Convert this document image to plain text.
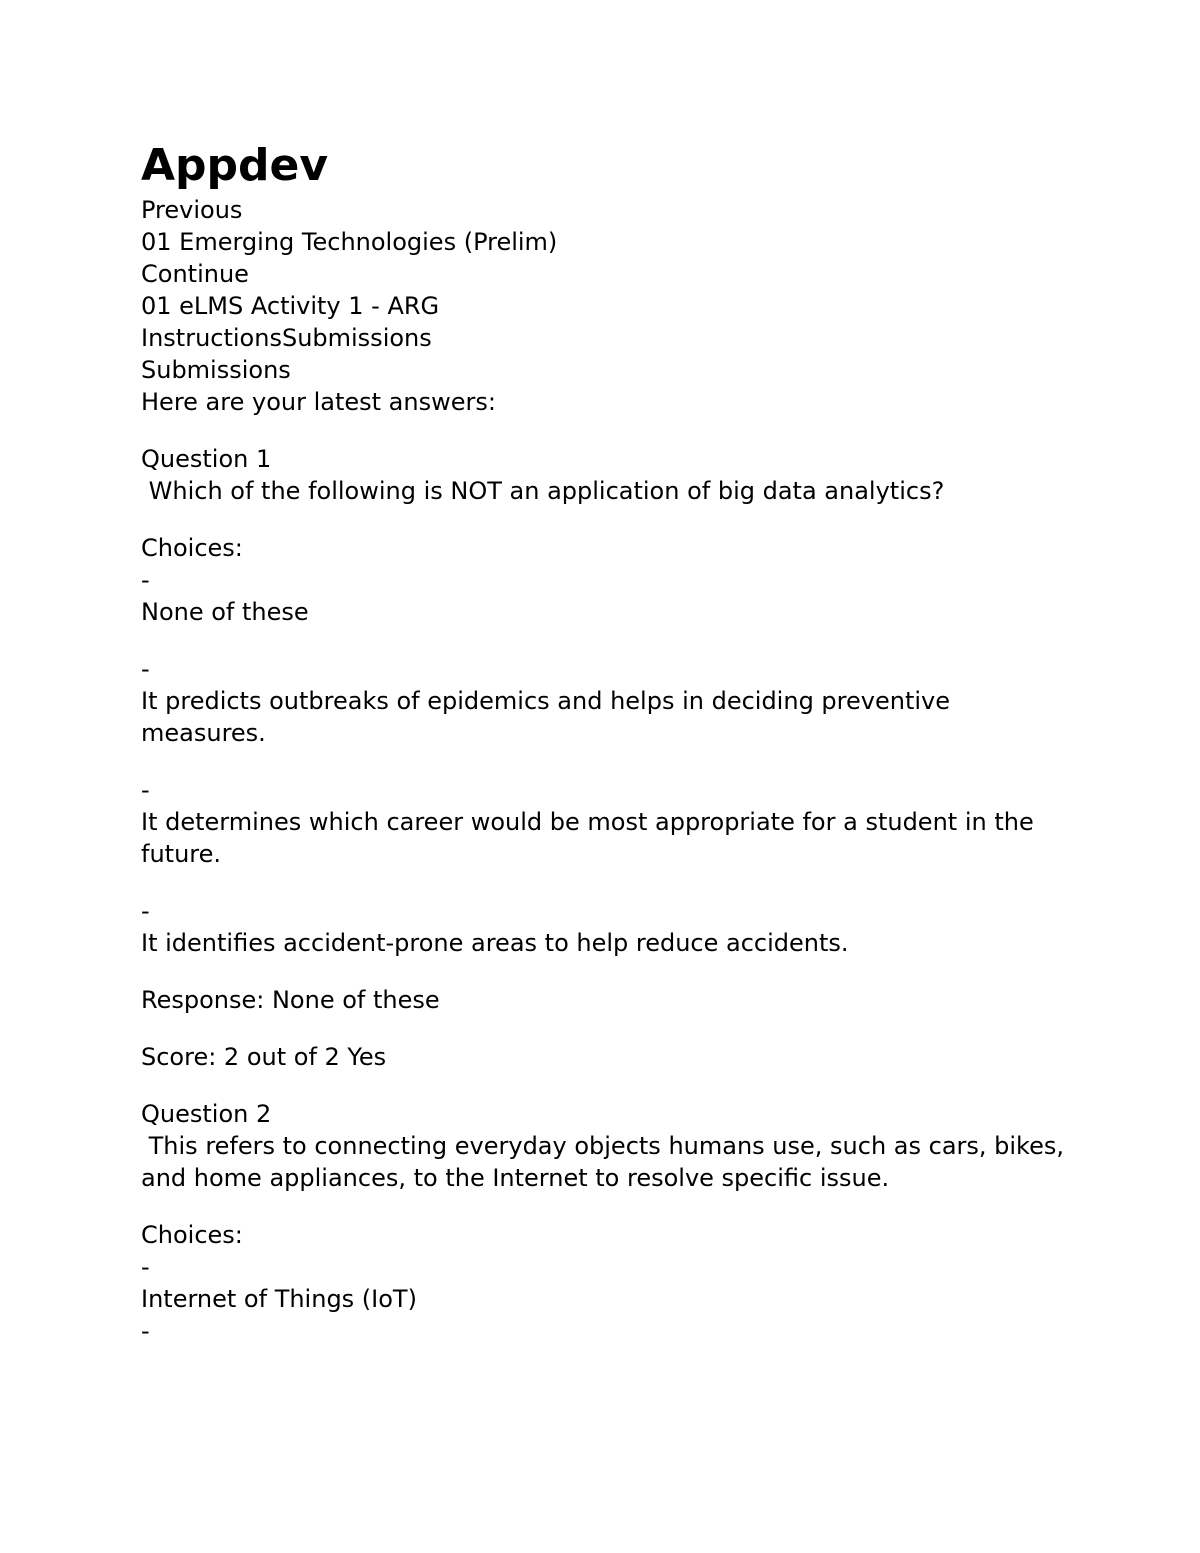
Appdev
Previous
01 Emerging Technologies (Prelim)
Continue
01 eLMS Activity 1 - ARG
InstructionsSubmissions
Submissions
Here are your latest answers:
Question 1
Which of the following is NOT an application of big data analytics?
Choices:
-
None of these
-
It predicts outbreaks of epidemics and helps in deciding preventive measures.
-
It determines which career would be most appropriate for a student in the future.
-
It identifies accident-prone areas to help reduce accidents.
Response: None of these
Score: 2 out of 2 Yes
Question 2
This refers to connecting everyday objects humans use, such as cars, bikes, and home appliances, to the Internet to resolve specific issue.
Choices:
-
Internet of Things (IoT)
-
